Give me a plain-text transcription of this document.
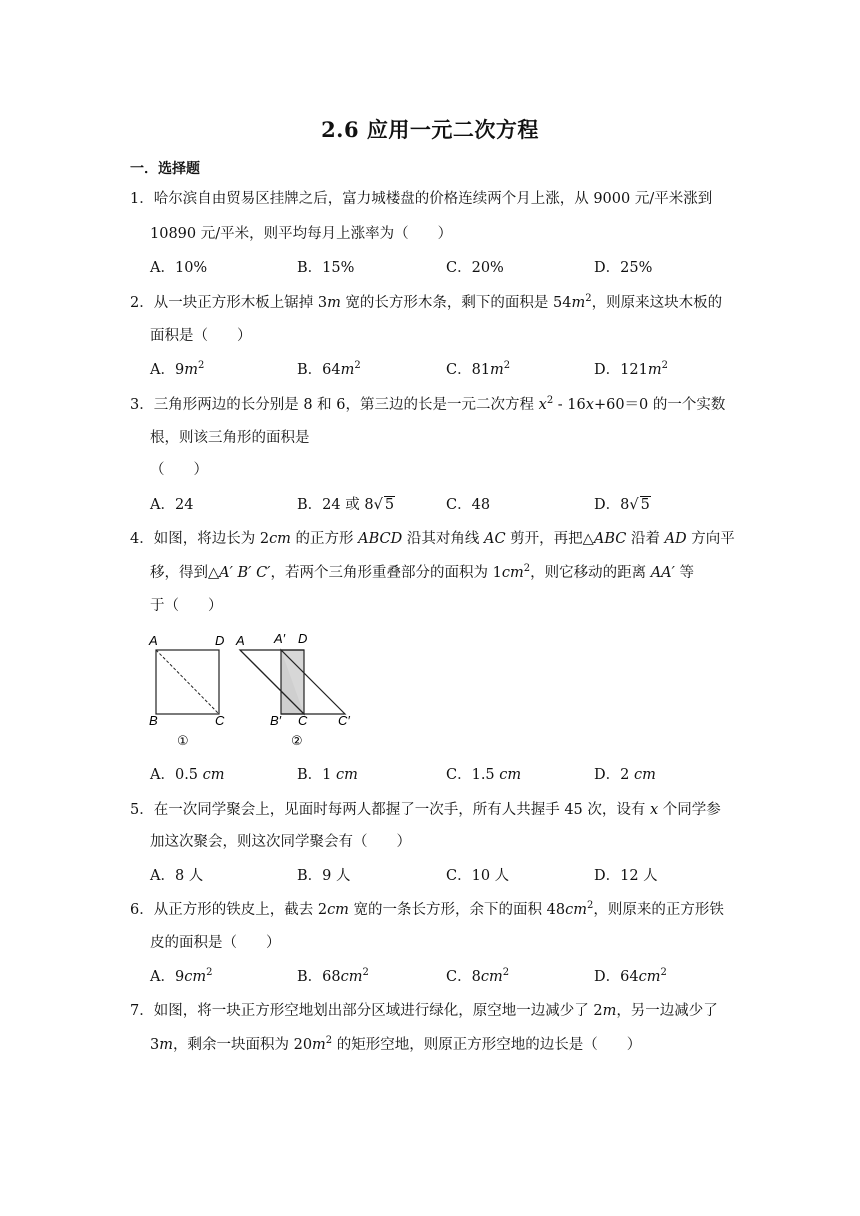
2.6 应用一元二次方程
一．选择题
1．哈尔滨自由贸易区挂牌之后，富力城楼盘的价格连续两个月上涨，从 9000 元/平米涨到
10890 元/平米，则平均每月上涨率为（　　）
A．10%	B．15%	C．20%	D．25%
2．从一块正方形木板上锯掉 3m 宽的长方形木条，剩下的面积是 $54m^2$，则原来这块木板的
面积是（　　）
A．$9m^2$	B．$64m^2$	C．$81m^2$	D．$121m^2$
3．三角形两边的长分别是 8 和 6，第三边的长是一元二次方程 $x^2 - 16x+60=0$ 的一个实数
根，则该三角形的面积是
（　　）
A．24	B．24 或 8√ 5	C．48	D．8√ 5
4．如图，将边长为 2cm 的正方形 ABCD 沿其对角线 AC 剪开，再把△ABC 沿着 AD 方向平
移，得到△A′ B′ C′，若两个三角形重叠部分的面积为 $1cm^2$，则它移动的距离 AA′ 等
于（　　）
A	D
B	C
①
A A′ D
B′ C C′
②
A．0.5 cm	B．1 cm	C．1.5 cm	D．2 cm
5．在一次同学聚会上，见面时每两人都握了一次手，所有人共握手 45 次，设有 x 个同学参
加这次聚会，则这次同学聚会有（　　）
A．8 人	B．9 人	C．10 人	D．12 人
6．从正方形的铁皮上，截去 2cm 宽的一条长方形，余下的面积 $48cm^2$，则原来的正方形铁
皮的面积是（　　）
A．$9cm^2$	B．$68cm^2$	C．$8cm^2$	D．$64cm^2$
7．如图，将一块正方形空地划出部分区域进行绿化，原空地一边减少了 2m，另一边减少了
3m，剩余一块面积为 $20m^2$ 的矩形空地，则原正方形空地的边长是（　　）
